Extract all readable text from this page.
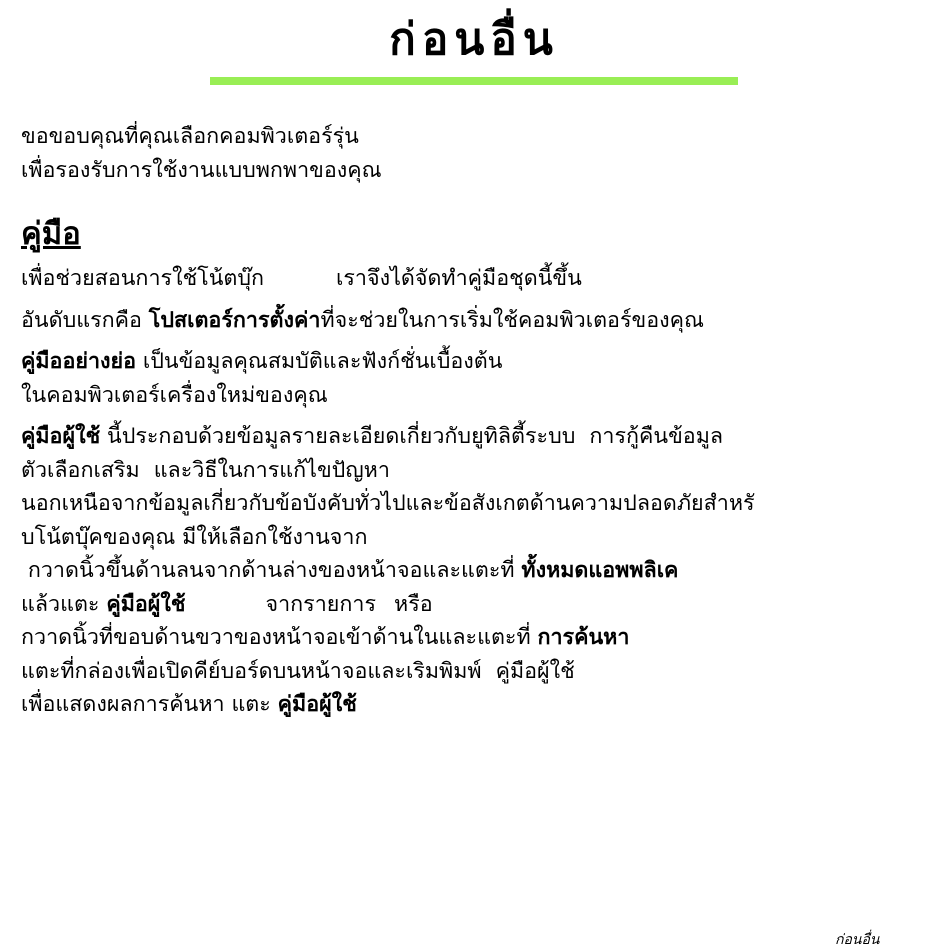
ก่อนอื่น
ขอขอบคุณที่คุณเลือกคอมพิวเตอร์รุ่น
เพื่อรองรับการใช้งานแบบพกพาของคุณ
คู่มือ
เพื่อช่วยสอนการใช้โน้ตบุ๊ก	เราจึงได้จัดทำคู่มือชุดนี้ขึ้น
อันดับแรกคือ โปสเตอร์การตั้งค่าที่จะช่วยในการเริ่มใช้คอมพิวเตอร์ของคุณ
คู่มืออย่างย่อ เป็นข้อมูลคุณสมบัติและฟังก์ชั่นเบื้องต้น
ในคอมพิวเตอร์เครื่องใหม่ของคุณ
คู่มือผู้ใช้ นี้ประกอบด้วยข้อมูลรายละเอียดเกี่ยวกับยูทิลิตี้ระบบ การกู้คืนข้อมูล
ตัวเลือกเสริม และวิธีในการแก้ไขปัญหา
นอกเหนือจากข้อมูลเกี่ยวกับข้อบังคับทั่วไปและข้อสังเกตด้านความปลอดภัยสำหรั
บโน้ตบุ๊คของคุณ มีให้เลือกใช้งานจาก
กวาดนิ้วขึ้นด้านลนจากด้านล่างของหน้าจอและแตะที่ ทั้งหมดแอพพลิเค
แล้วแตะ คู่มือผู้ใช้	จากรายการ หรือ
กวาดนิ้วที่ขอบด้านขวาของหน้าจอเข้าด้านในและแตะที่ การค้นหา
แตะที่กล่องเพื่อเปิดคีย์บอร์ดบนหน้าจอและเริมพิมพ์ คู่มือผู้ใช้
เพื่อแสดงผลการค้นหา แตะ คู่มือผู้ใช้
ก่อนอื่น
